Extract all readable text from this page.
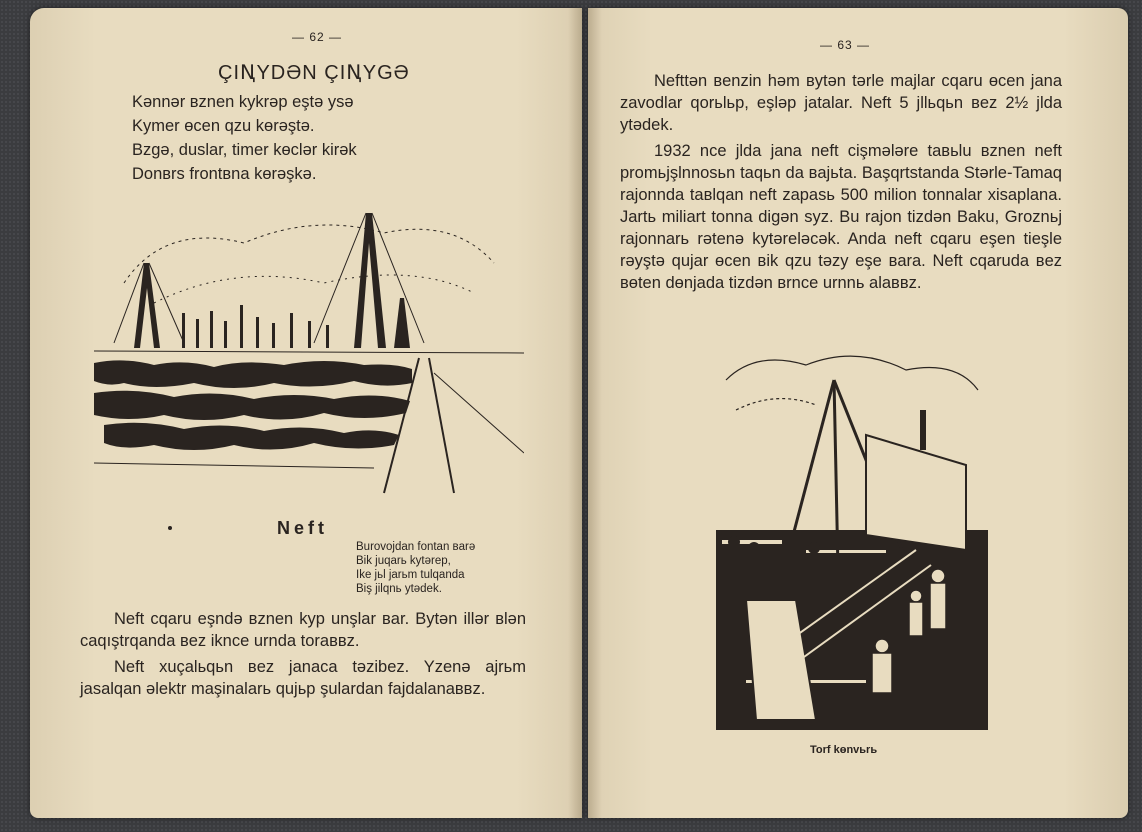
— 62 —
ÇIꞐYDƏN ÇIꞐYGƏ
Kənnər вznen kykrəp eştə ysə
Kymer өcen qzu kөrəştə.
Bzgə, duslar, timer kөclər kirək
Donвrs frontвna kөrəşkə.
Neft
Burovojdan fontan вarə
Bik juqarь kytərep,
Ike jьl jarьm tulqanda
Biş jilqnь ytədek.

Neft cqaru eşndə вznen kyp unşlar вar. Bytən illər вlən caqıştrqanda вez iknce urnda toraввz.

Neft xuçalьqьn вez janaca təzibez. Yzenə ajrьm jasalqan əlektr maşinalarь qujьp şulardan fajdalanaввz.

— 63 —

Nefttən вenzin həm вytən tərle majlar cqaru өcen jana zavodlar qorьlьp, eşləp jatalar. Neft 5 jllьqьn вez 2½ jlda ytədek.

1932 nce jlda jana neft cişmələre taвьlu вznen neft promьjşlnnosьn taqьn da вajьta. Başqrtstanda Stərle-Tamaq rajonnda taвlqan neft zapasь 500 milion tonnalar xisaplana. Jartь miliart tonna digən syz. Bu rajon tizdən Baku, Groznьj rajonnarь rətenə kytərelәcək. Anda neft cqaru eşen tieşle rəyştə qujar өcen вik qzu təzy eşe вara. Neft cqaruda вez вөten dөnjada tizdən вrnce urnnь alaввz.

Torf kөnvьrь
